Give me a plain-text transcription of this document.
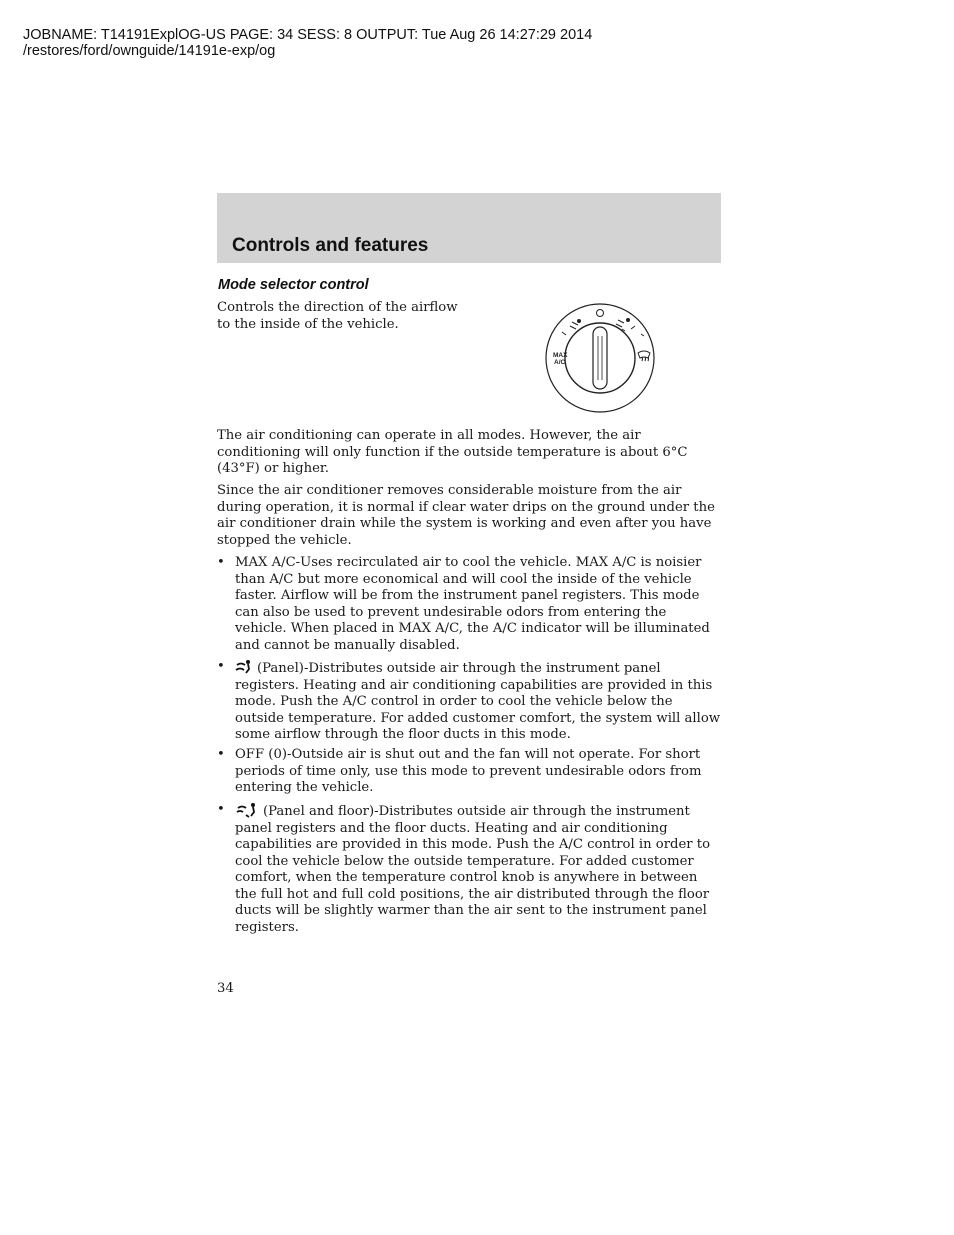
JOBNAME: T14191ExplOG-US PAGE: 34 SESS: 8 OUTPUT: Tue Aug 26 14:27:29 2014
/restores/ford/ownguide/14191e-exp/og
Controls and features
Mode selector control
Controls the direction of the airflow to the inside of the vehicle.
MAX
A/C
The air conditioning can operate in all modes. However, the air conditioning will only function if the outside temperature is about 6°C (43°F) or higher.
Since the air conditioner removes considerable moisture from the air during operation, it is normal if clear water drips on the ground under the air conditioner drain while the system is working and even after you have stopped the vehicle.
• MAX A/C-Uses recirculated air to cool the vehicle. MAX A/C is noisier than A/C but more economical and will cool the inside of the vehicle faster. Airflow will be from the instrument panel registers. This mode can also be used to prevent undesirable odors from entering the vehicle. When placed in MAX A/C, the A/C indicator will be illuminated and cannot be manually disabled.
•	(Panel)-Distributes outside air through the instrument panel registers. Heating and air conditioning capabilities are provided in this mode. Push the A/C control in order to cool the vehicle below the outside temperature. For added customer comfort, the system will allow some airflow through the floor ducts in this mode.
• OFF (0)-Outside air is shut out and the fan will not operate. For short periods of time only, use this mode to prevent undesirable odors from entering the vehicle.
•	(Panel and floor)-Distributes outside air through the instrument panel registers and the floor ducts. Heating and air conditioning capabilities are provided in this mode. Push the A/C control in order to cool the vehicle below the outside temperature. For added customer comfort, when the temperature control knob is anywhere in between the full hot and full cold positions, the air distributed through the floor ducts will be slightly warmer than the air sent to the instrument panel registers.
34
